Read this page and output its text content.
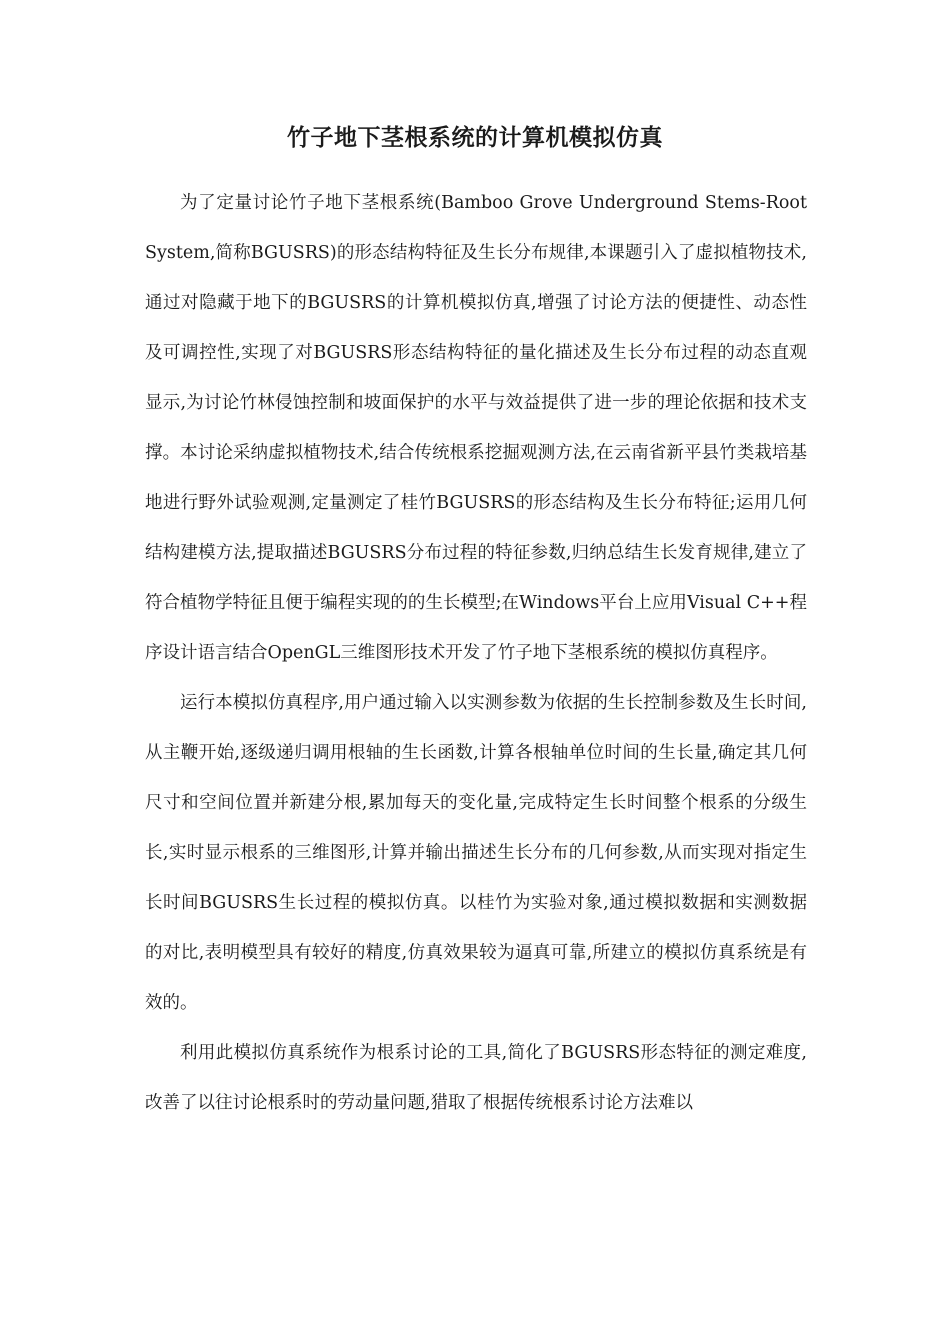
竹子地下茎根系统的计算机模拟仿真

为了定量讨论竹子地下茎根系统(Bamboo Grove Underground Stems-RootSystem,简称BGUSRS)的形态结构特征及生长分布规律,本课题引入了虚拟植物技术,通过对隐藏于地下的BGUSRS的计算机模拟仿真,增强了讨论方法的便捷性、动态性及可调控性,实现了对BGUSRS形态结构特征的量化描述及生长分布过程的动态直观显示,为讨论竹林侵蚀控制和坡面保护的水平与效益提供了进一步的理论依据和技术支撑。本讨论采纳虚拟植物技术,结合传统根系挖掘观测方法,在云南省新平县竹类栽培基地进行野外试验观测,定量测定了桂竹BGUSRS的形态结构及生长分布特征;运用几何结构建模方法,提取描述BGUSRS分布过程的特征参数,归纳总结生长发育规律,建立了符合植物学特征且便于编程实现的的生长模型;在Windows平台上应用Visual C++程序设计语言结合OpenGL三维图形技术开发了竹子地下茎根系统的模拟仿真程序。

运行本模拟仿真程序,用户通过输入以实测参数为依据的生长控制参数及生长时间,从主鞭开始,逐级递归调用根轴的生长函数,计算各根轴单位时间的生长量,确定其几何尺寸和空间位置并新建分根,累加每天的变化量,完成特定生长时间整个根系的分级生长,实时显示根系的三维图形,计算并输出描述生长分布的几何参数,从而实现对指定生长时间BGUSRS生长过程的模拟仿真。以桂竹为实验对象,通过模拟数据和实测数据的对比,表明模型具有较好的精度,仿真效果较为逼真可靠,所建立的模拟仿真系统是有效的。

利用此模拟仿真系统作为根系讨论的工具,简化了BGUSRS形态特征的测定难度,改善了以往讨论根系时的劳动量问题,猎取了根据传统根系讨论方法难以
